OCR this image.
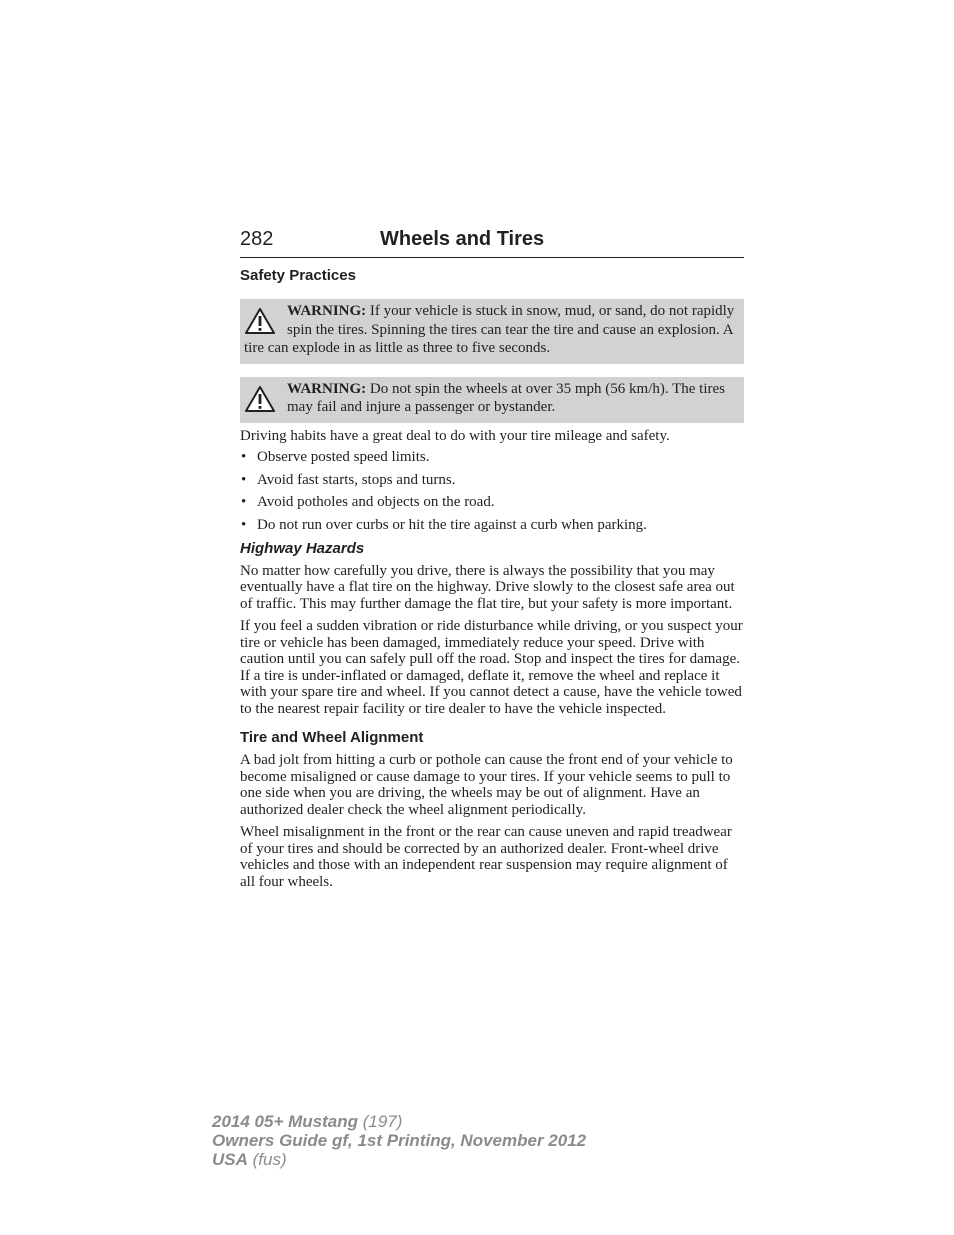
282	Wheels and Tires
Safety Practices

WARNING: If your vehicle is stuck in snow, mud, or sand, do not rapidly spin the tires. Spinning the tires can tear the tire and cause an explosion. A tire can explode in as little as three to five seconds.

WARNING: Do not spin the wheels at over 35 mph (56 km/h). The tires may fail and injure a passenger or bystander.

Driving habits have a great deal to do with your tire mileage and safety.

• Observe posted speed limits.
• Avoid fast starts, stops and turns.
• Avoid potholes and objects on the road.
• Do not run over curbs or hit the tire against a curb when parking.
Highway Hazards

No matter how carefully you drive, there is always the possibility that you may eventually have a flat tire on the highway. Drive slowly to the closest safe area out of traffic. This may further damage the flat tire, but your safety is more important.

If you feel a sudden vibration or ride disturbance while driving, or you suspect your tire or vehicle has been damaged, immediately reduce your speed. Drive with caution until you can safely pull off the road. Stop and inspect the tires for damage. If a tire is under-inflated or damaged, deflate it, remove the wheel and replace it with your spare tire and wheel. If you cannot detect a cause, have the vehicle towed to the nearest repair facility or tire dealer to have the vehicle inspected.

Tire and Wheel Alignment

A bad jolt from hitting a curb or pothole can cause the front end of your vehicle to become misaligned or cause damage to your tires. If your vehicle seems to pull to one side when you are driving, the wheels may be out of alignment. Have an authorized dealer check the wheel alignment periodically.

Wheel misalignment in the front or the rear can cause uneven and rapid treadwear of your tires and should be corrected by an authorized dealer. Front-wheel drive vehicles and those with an independent rear suspension may require alignment of all four wheels.

2014 05+ Mustang (197)
Owners Guide gf, 1st Printing, November 2012
USA (fus)
